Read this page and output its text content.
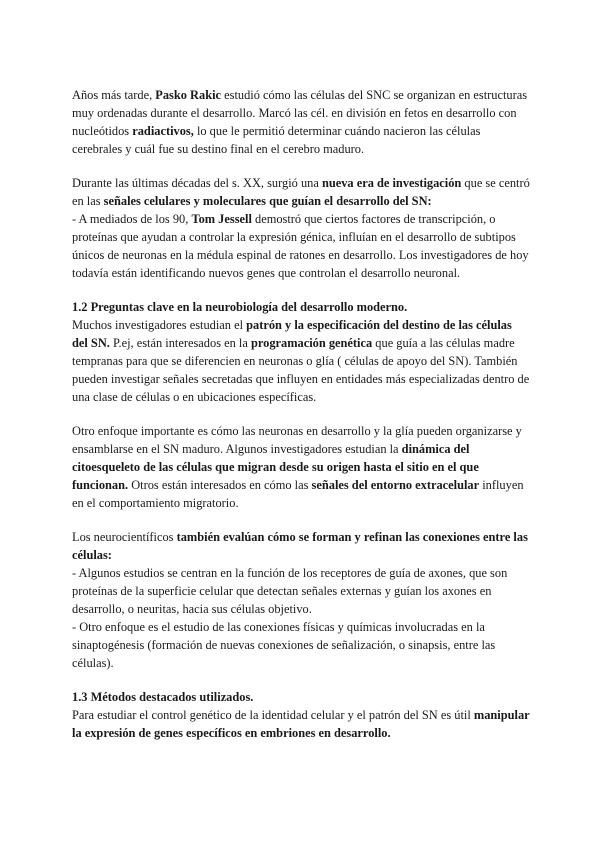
Años más tarde, Pasko Rakic estudió cómo las células del SNC se organizan en estructuras muy ordenadas durante el desarrollo. Marcó las cél. en división en fetos en desarrollo con nucleótidos radiactivos, lo que le permitió determinar cuándo nacieron las células cerebrales y cuál fue su destino final en el cerebro maduro.

Durante las últimas décadas del s. XX, surgió una nueva era de investigación que se centró en las señales celulares y moleculares que guían el desarrollo del SN:

- A mediados de los 90, Tom Jessell demostró que ciertos factores de transcripción, o proteínas que ayudan a controlar la expresión génica, influían en el desarrollo de subtipos únicos de neuronas en la médula espinal de ratones en desarrollo. Los investigadores de hoy todavía están identificando nuevos genes que controlan el desarrollo neuronal.

1.2 Preguntas clave en la neurobiología del desarrollo moderno.

Muchos investigadores estudian el patrón y la especificación del destino de las células del SN. P.ej, están interesados en la programación genética que guía a las células madre tempranas para que se diferencien en neuronas o glía ( células de apoyo del SN). También pueden investigar señales secretadas que influyen en entidades más especializadas dentro de una clase de células o en ubicaciones específicas.

Otro enfoque importante es cómo las neuronas en desarrollo y la glía pueden organizarse y ensamblarse en el SN maduro. Algunos investigadores estudian la dinámica del citoesqueleto de las células que migran desde su origen hasta el sitio en el que funcionan. Otros están interesados en cómo las señales del entorno extracelular influyen en el comportamiento migratorio.

Los neurocientíficos también evalúan cómo se forman y refinan las conexiones entre las células:

- Algunos estudios se centran en la función de los receptores de guía de axones, que son proteínas de la superficie celular que detectan señales externas y guían los axones en desarrollo, o neuritas, hacia sus células objetivo.

- Otro enfoque es el estudio de las conexiones físicas y químicas involucradas en la sinaptogénesis (formación de nuevas conexiones de señalización, o sinapsis, entre las células).

1.3 Métodos destacados utilizados.

Para estudiar el control genético de la identidad celular y el patrón del SN es útil manipular la expresión de genes específicos en embriones en desarrollo.
